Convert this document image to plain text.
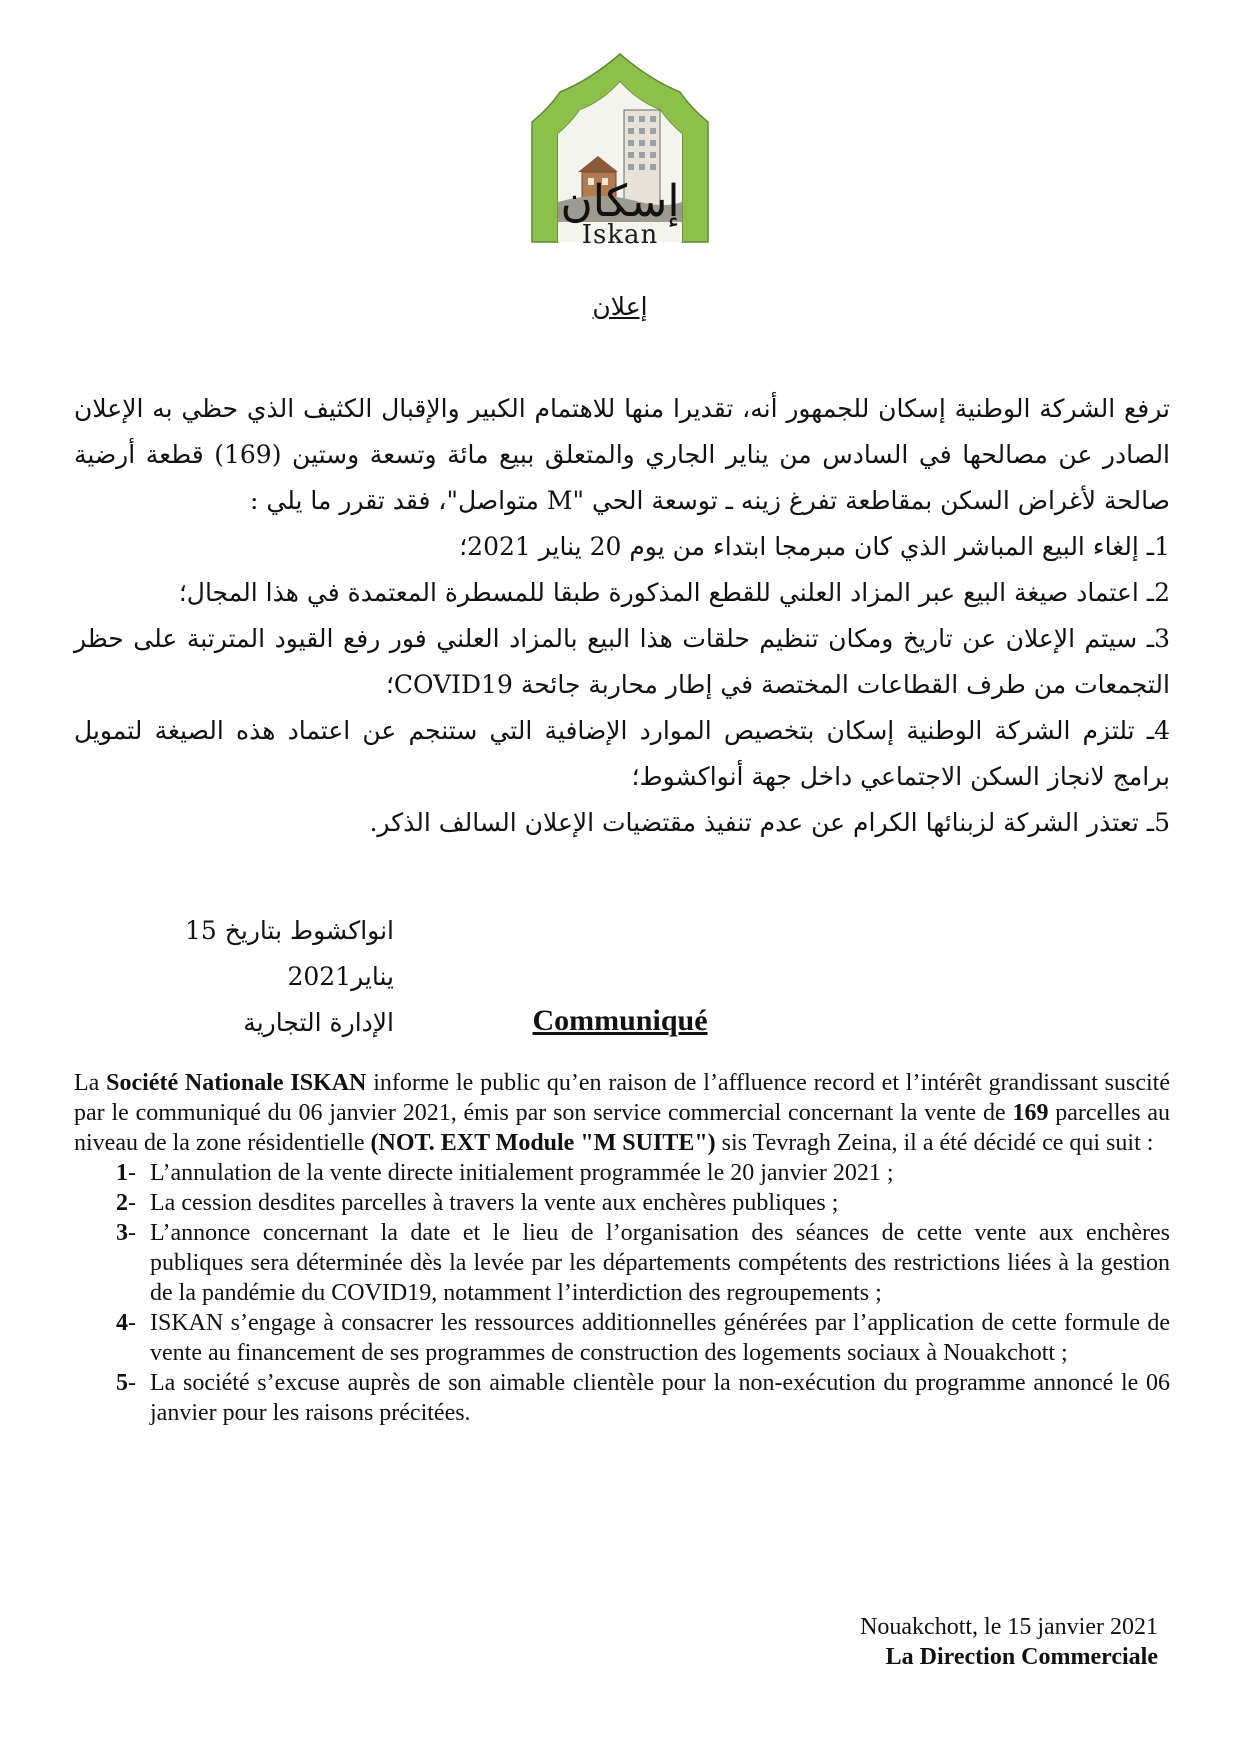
إسكان
Iskan
إعلان

ترفع الشركة الوطنية إسكان للجمهور أنه، تقديرا منها للاهتمام الكبير والإقبال الكثيف الذي حظي به الإعلان الصادر عن مصالحها في السادس من يناير الجاري والمتعلق ببيع مائة وتسعة وستين (169) قطعة أرضية صالحة لأغراض السكن بمقاطعة تفرغ زينه ـ توسعة الحي "M متواصل"، فقد تقرر ما يلي :

1ـ إلغاء البيع المباشر الذي كان مبرمجا ابتداء من يوم 20 يناير 2021؛
2ـ اعتماد صيغة البيع عبر المزاد العلني للقطع المذكورة طبقا للمسطرة المعتمدة في هذا المجال؛
3ـ سيتم الإعلان عن تاريخ ومكان تنظيم حلقات هذا البيع بالمزاد العلني فور رفع القيود المترتبة على حظر التجمعات من طرف القطاعات المختصة في إطار محاربة جائحة COVID19؛
4ـ تلتزم الشركة الوطنية إسكان بتخصيص الموارد الإضافية التي ستنجم عن اعتماد هذه الصيغة لتمويل برامج لانجاز السكن الاجتماعي داخل جهة أنواكشوط؛
5ـ تعتذر الشركة لزبنائها الكرام عن عدم تنفيذ مقتضيات الإعلان السالف الذكر.
انواكشوط بتاريخ 15 يناير2021
الإدارة التجارية	Communiqué

La Société Nationale ISKAN informe le public qu’en raison de l’affluence record et l’intérêt grandissant suscité par le communiqué du 06 janvier 2021, émis par son service commercial concernant la vente de 169 parcelles au niveau de la zone résidentielle (NOT. EXT Module "M SUITE") sis Tevragh Zeina, il a été décidé ce qui suit :

1- L’annulation de la vente directe initialement programmée le 20 janvier 2021 ;
2- La cession desdites parcelles à travers la vente aux enchères publiques ;
3- L’annonce concernant la date et le lieu de l’organisation des séances de cette vente aux enchères publiques sera déterminée dès la levée par les départements compétents des restrictions liées à la gestion de la pandémie du COVID19, notamment l’interdiction des regroupements ;
4- ISKAN s’engage à consacrer les ressources additionnelles générées par l’application de cette formule de vente au financement de ses programmes de construction des logements sociaux à Nouakchott ;
5- La société s’excuse auprès de son aimable clientèle pour la non-exécution du programme annoncé le 06 janvier pour les raisons précitées.
Nouakchott, le 15 janvier 2021
La Direction Commerciale
